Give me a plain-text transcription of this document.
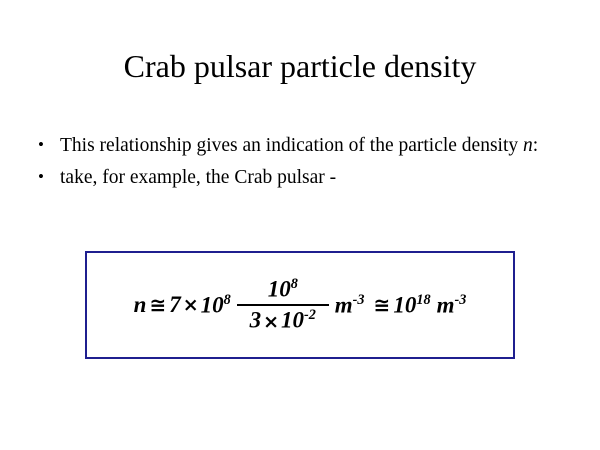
Crab pulsar particle density
• This relationship gives an indication of the particle density n:
• take, for example, the Crab pulsar -
n ≅ $7 \times 10^8 \frac{10^8}{3 \times 10^{-2}} m^{-3}$ ≅ $10^{18}$ $m^{-3}$
